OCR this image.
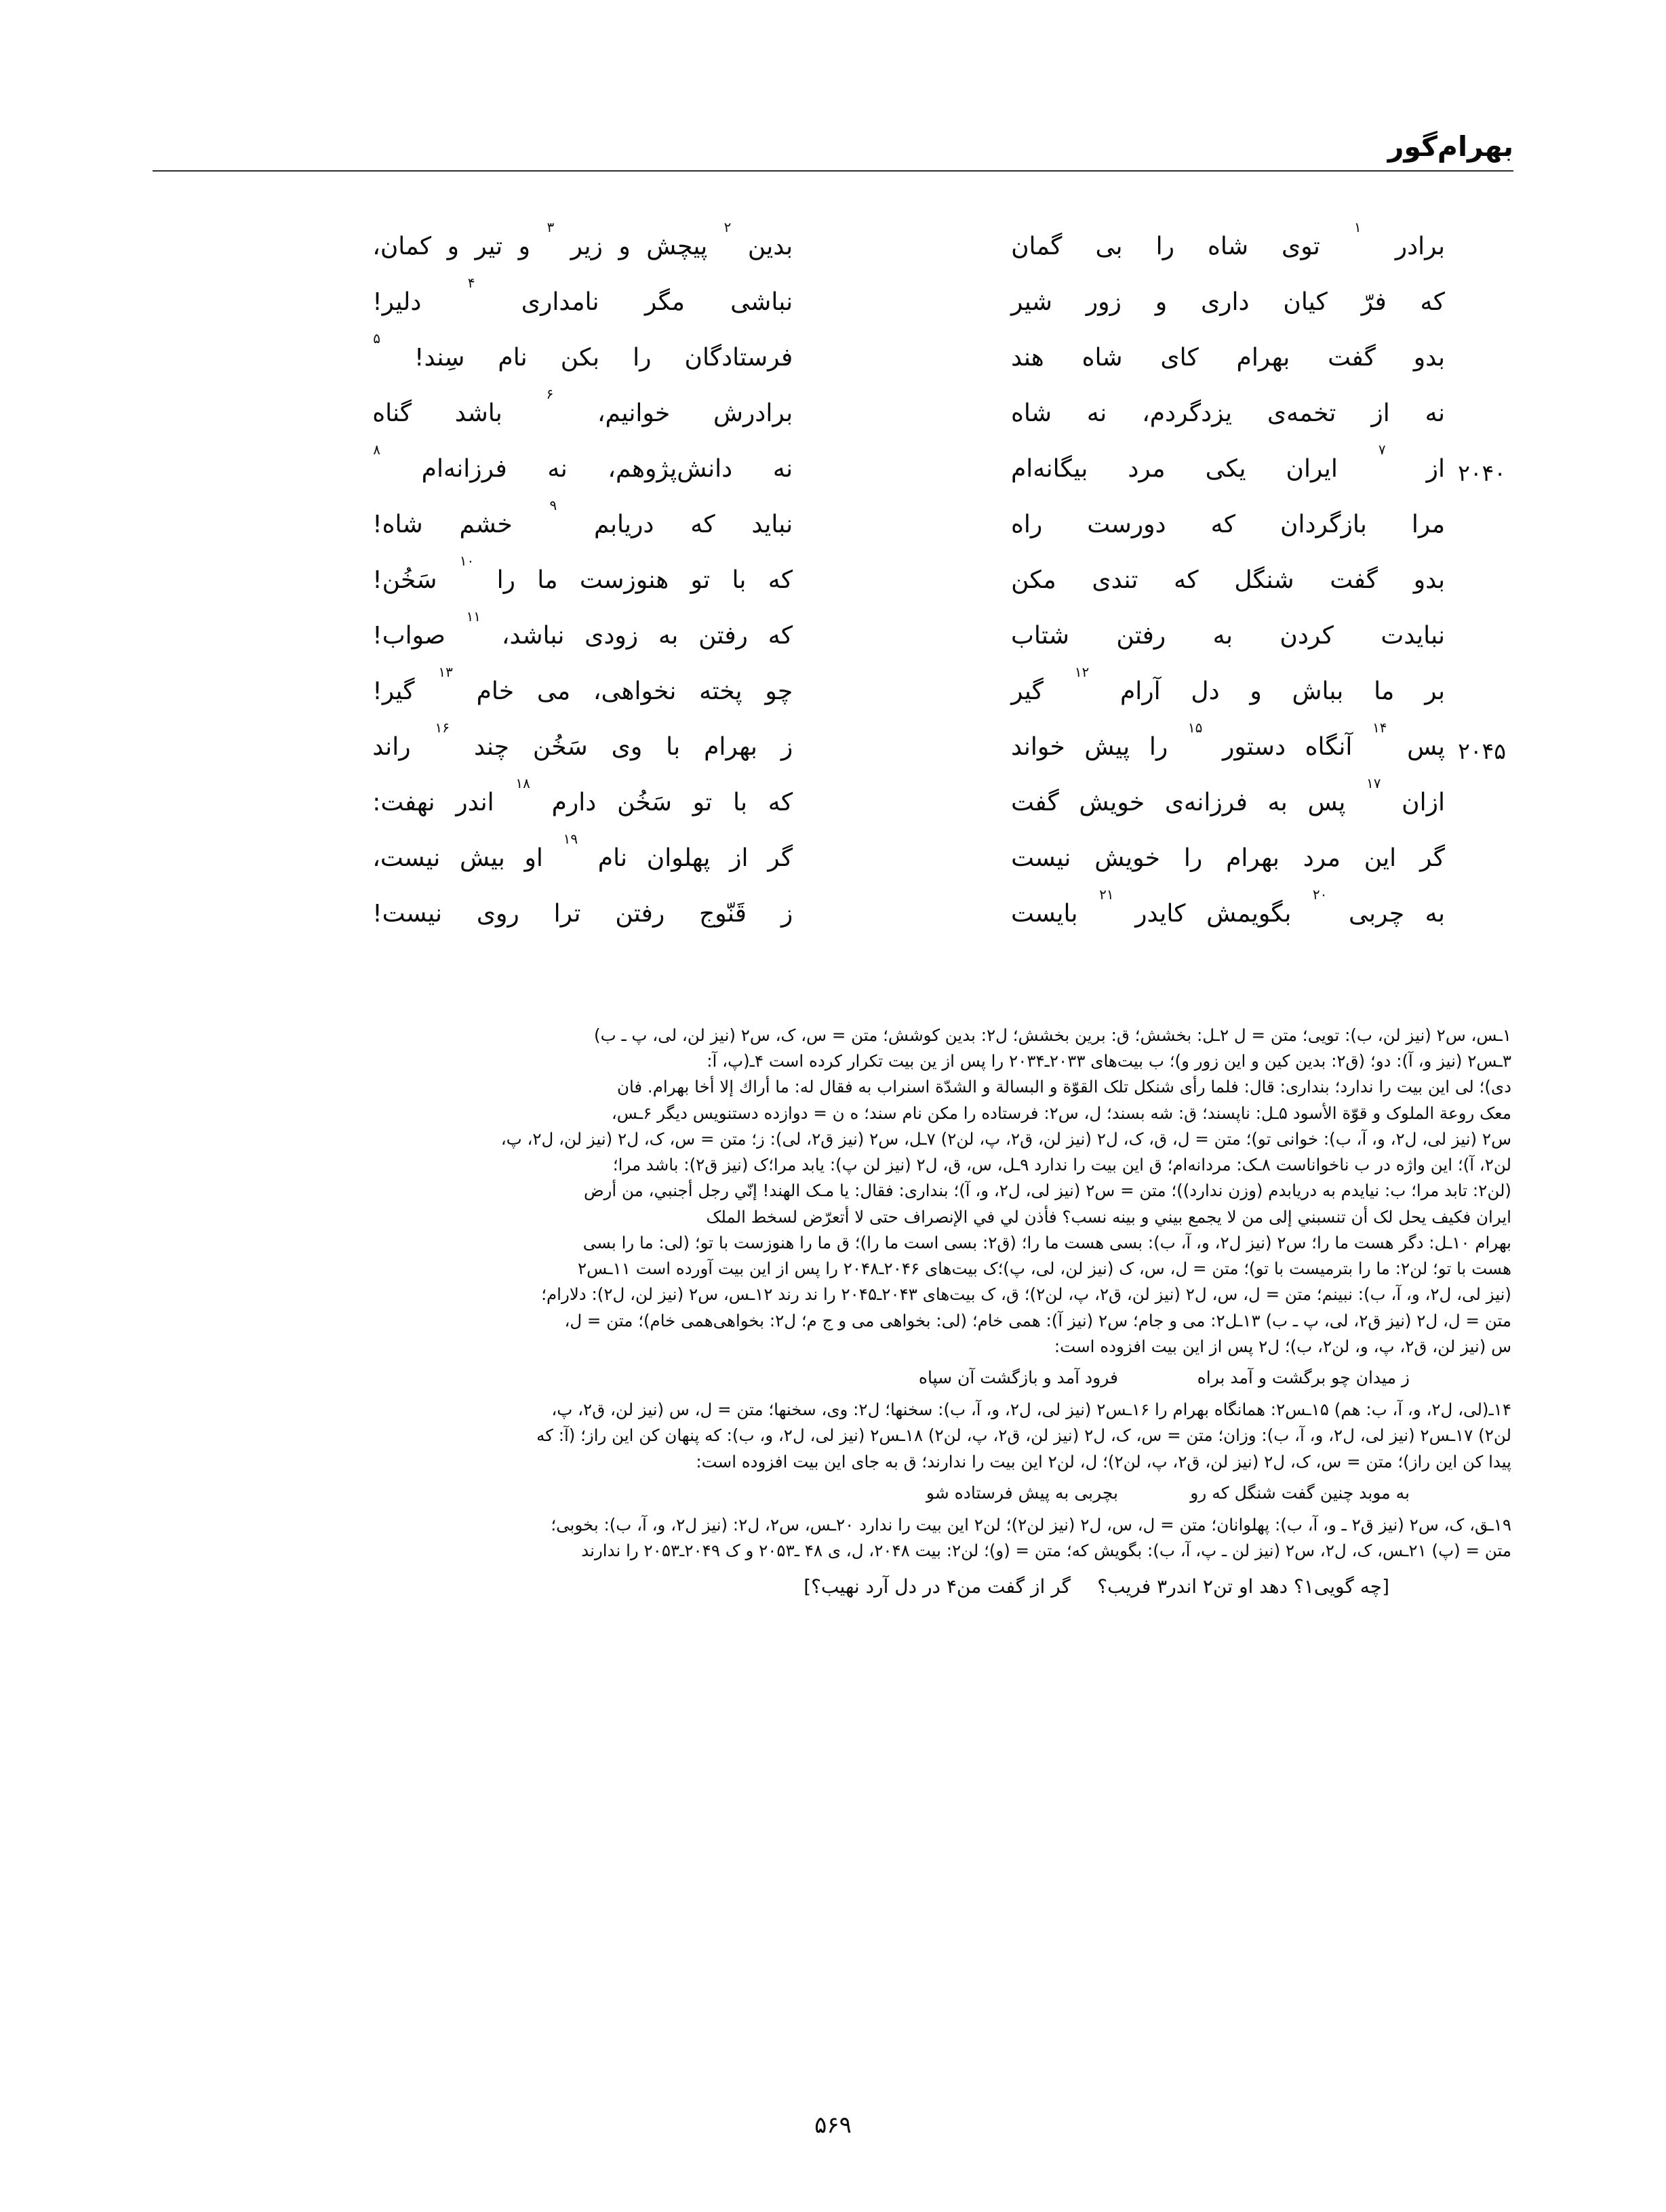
بهرام‌گور
برادر
$^۱$
توی
شاه
را
بی
گمان
بدین
$^۲$
پیچش
و
زیر
$^۳$
و
تیر
و
کمان،
که
فرّ
کیان
داری
و
زور
شیر
نباشی
مگر
نامداری
$^۴$
دلیر!
بدو
گفت
بهرام
کای
شاه
هند
فرستادگان
را
بکن
نام
سِند!
$^۵$
نه
از
تخمه‌ی
یزدگردم،
نه
شاه
برادرش
خوانیم،
$^۶$
باشد
گناه
۲۰۴۰
از
$^۷$
ایران
یکی
مرد
بیگانه‌ام
نه
دانش‌پژوهم،
نه
فرزانه‌ام
$^۸$
مرا
بازگردان
که
دورست
راه
نباید
که
دریابم
$^۹$
خشم
شاه!
بدو
گفت
شنگل
که
تندی
مکن
که
با
تو
هنوزست
ما
را
$^{۱۰}$
سَخُن!
نبایدت
کردن
به
رفتن
شتاب
که
رفتن
به
زودی
نباشد،
$^{۱۱}$
صواب!
بر
ما
بباش
و
دل
آرام
$^{۱۲}$
گیر
چو
پخته
نخواهی،
می
خام
$^{۱۳}$
گیر!
۲۰۴۵
پس
$^{۱۴}$
آنگاه
دستور
$^{۱۵}$
را
پیش
خواند
ز
بهرام
با
وی
سَخُن
چند
$^{۱۶}$
راند
ازان
$^{۱۷}$
پس
به
فرزانه‌ی
خویش
گفت
که
با
تو
سَخُن
دارم
$^{۱۸}$
اندر
نهفت:
گر
این
مرد
بهرام
را
خویش
نیست
گر
از
پهلوان
نام
$^{۱۹}$
او
بیش
نیست،
به
چربی
$^{۲۰}$
بگویمش
کایدر
$^{۲۱}$
بایست
ز
قَنّوج
رفتن
ترا
روی
نیست!
۱ـس، س۲ (نیز لن، ب): تویی؛ متن = ل ۲ـل: بخشش؛ ق: برین بخشش؛ ل۲: بدین کوشش؛ متن = س، ک، س۲ (نیز لن، لی، پ ـ ب)
۳ـس۲ (نیز و، آ): دو؛ (ق۲: بدین کین و این زور و)؛ ب بیت‌های ۲۰۳۳ـ۲۰۳۴ را پس از ین بیت تکرار کرده است ۴ـ(پ، آ:
دی)؛ لی این بیت را ندارد؛ بنداری: قال: فلما رأی شنکل تلک القوّة و البسالة و الشدّة اسنراب به فقال له: ما أراك إلا أخا بهرام. فان
معک روعة الملوک و قوّة الأسود ۵ـل: ناپسند؛ ق: شه بسند؛ ل، س۲: فرستاده را مکن نام سند؛ ه ن = دوازده دستنویس دیگر ۶ـس،
س۲ (نیز لی، ل۲، و، آ، ب): خوانی تو)؛ متن = ل، ق، ک، ل۲ (نیز لن، ق۲، پ، لن۲) ۷ـل، س۲ (نیز ق۲، لی): ز؛ متن = س، ک، ل۲ (نیز لن، ل۲، پ،
لن۲، آ)؛ این واژه در ب ناخواناست ۸ـک: مردانه‌ام؛ ق این بیت را ندارد ۹ـل، س، ق، ل۲ (نیز لن پ): یابد مرا؛ک (نیز ق۲): باشد مرا؛
(لن۲: تابد مرا؛ ب: نیایدم به دریابدم (وزن ندارد))؛ متن = س۲ (نیز لی، ل۲، و، آ)؛ بنداری: فقال: یا مـک الهند! إنّي رجل أجنبي، من أرض
ایران فکیف یحل لک أن تنسبني إلى من لا یجمع بیني و بینه نسب؟ فأذن لي في الإنصراف حتى لا أتعرّض لسخط الملک
بهرام ۱۰ـل: دگر هست ما را؛ س۲ (نیز ل۲، و، آ، ب): بسی هست ما را؛ (ق۲: بسی است ما را)؛ ق ما را هنوزست با تو؛ (لی: ما را بسی
هست با تو؛ لن۲: ما را بترمیست با تو)؛ متن = ل، س، ک (نیز لن، لی، پ)؛ک بیت‌های ۲۰۴۶ـ۲۰۴۸ را پس از این بیت آورده است ۱۱ـس۲
(نیز لی، ل۲، و، آ، ب): نبینم؛ متن = ل، س، ل۲ (نیز لن، ق۲، پ، لن۲)؛ ق، ک بیت‌های ۲۰۴۳ـ۲۰۴۵ را ند رند ۱۲ـس، س۲ (نیز لن، ل۲): دلارام؛
متن = ل، ل۲ (نیز ق۲، لی، پ ـ ب) ۱۳ـل۲: می و جام؛ س۲ (نیز آ): همی خام؛ (لی: بخواهی می و ج م؛ ل۲: بخواهی‌همی خام)؛ متن = ل،
س (نیز لن، ق۲، پ، و، لن۲، ب)؛ ل۲ پس از این بیت افزوده است:
ز میدان چو برگشت و آمد براه
فرود آمد و بازگشت آن سپاه
۱۴ـ(لی، ل۲، و، آ، ب: هم) ۱۵ـس۲: همانگاه بهرام را ۱۶ـس۲ (نیز لی، ل۲، و، آ، ب): سخنها؛ ل۲: وی، سخنها؛ متن = ل، س (نیز لن، ق۲، پ،
لن۲) ۱۷ـس۲ (نیز لی، ل۲، و، آ، ب): وزان؛ متن = س، ک، ل۲ (نیز لن، ق۲، پ، لن۲) ۱۸ـس۲ (نیز لی، ل۲، و، ب): که پنهان کن این راز؛ (آ: که
پیدا کن این راز)؛ متن = س، ک، ل۲ (نیز لن، ق۲، پ، لن۲)؛ ل، لن۲ این بیت را ندارند؛ ق به جای این بیت افزوده است:
به موبد چنین گفت شنگل که رو
بچربی به پیش فرستاده شو
۱۹ـق، ک، س۲ (نیز ق۲ ـ و، آ، ب): پهلوانان؛ متن = ل، س، ل۲ (نیز لن۲)؛ لن۲ این بیت را ندارد ۲۰ـس، س۲، ل۲: (نیز ل۲، و، آ، ب): بخوبی؛
متن = (پ) ۲۱ـس، ک، ل۲، س۲ (نیز لن ـ پ، آ، ب): بگویش که؛ متن = (و)؛ لن۲: بیت ۲۰۴۸، ل، ی ۴۸ ـ۲۰۵۳ و ک ۲۰۴۹ـ۲۰۵۳ را ندارند
[چه گویی۱؟ دهد او تن۲ اندر۳ فریب؟
گر از گفت من۴ در دل آرد نهیب؟]
۵۶۹
